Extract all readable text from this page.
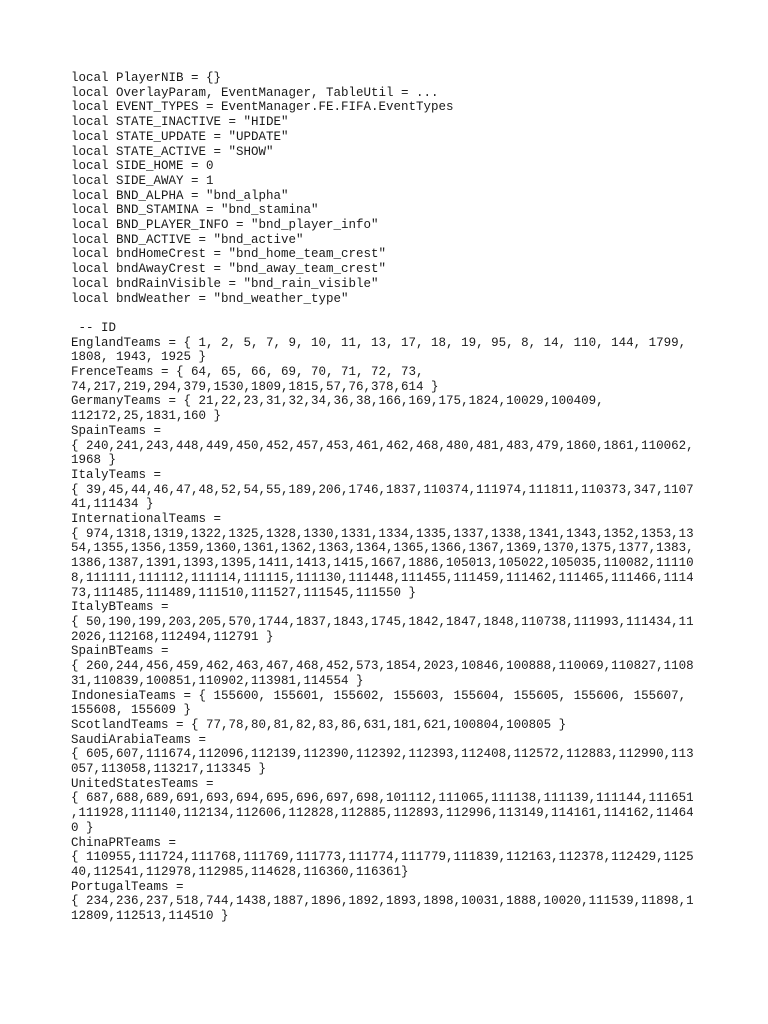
local PlayerNIB = {}
local OverlayParam, EventManager, TableUtil = ...
local EVENT_TYPES = EventManager.FE.FIFA.EventTypes
local STATE_INACTIVE = "HIDE"
local STATE_UPDATE = "UPDATE"
local STATE_ACTIVE = "SHOW"
local SIDE_HOME = 0
local SIDE_AWAY = 1
local BND_ALPHA = "bnd_alpha"
local BND_STAMINA = "bnd_stamina"
local BND_PLAYER_INFO = "bnd_player_info"
local BND_ACTIVE = "bnd_active"
local bndHomeCrest = "bnd_home_team_crest"
local bndAwayCrest = "bnd_away_team_crest"
local bndRainVisible = "bnd_rain_visible"
local bndWeather = "bnd_weather_type"
-- ID
EnglandTeams = { 1, 2, 5, 7, 9, 10, 11, 13, 17, 18, 19, 95, 8, 14, 110, 144, 1799,
1808, 1943, 1925 }
FrenceTeams = { 64, 65, 66, 69, 70, 71, 72, 73,
74,217,219,294,379,1530,1809,1815,57,76,378,614 }
GermanyTeams = { 21,22,23,31,32,34,36,38,166,169,175,1824,10029,100409,
112172,25,1831,160 }
SpainTeams =
{ 240,241,243,448,449,450,452,457,453,461,462,468,480,481,483,479,1860,1861,110062,
1968 }
ItalyTeams =
{ 39,45,44,46,47,48,52,54,55,189,206,1746,1837,110374,111974,111811,110373,347,1107
41,111434 }
InternationalTeams =
{ 974,1318,1319,1322,1325,1328,1330,1331,1334,1335,1337,1338,1341,1343,1352,1353,13
54,1355,1356,1359,1360,1361,1362,1363,1364,1365,1366,1367,1369,1370,1375,1377,1383,
1386,1387,1391,1393,1395,1411,1413,1415,1667,1886,105013,105022,105035,110082,11110
8,111111,111112,111114,111115,111130,111448,111455,111459,111462,111465,111466,1114
73,111485,111489,111510,111527,111545,111550 }
ItalyBTeams =
{ 50,190,199,203,205,570,1744,1837,1843,1745,1842,1847,1848,110738,111993,111434,11
2026,112168,112494,112791 }
SpainBTeams =
{ 260,244,456,459,462,463,467,468,452,573,1854,2023,10846,100888,110069,110827,1108
31,110839,100851,110902,113981,114554 }
IndonesiaTeams = { 155600, 155601, 155602, 155603, 155604, 155605, 155606, 155607,
155608, 155609 }
ScotlandTeams = { 77,78,80,81,82,83,86,631,181,621,100804,100805 }
SaudiArabiaTeams =
{ 605,607,111674,112096,112139,112390,112392,112393,112408,112572,112883,112990,113
057,113058,113217,113345 }
UnitedStatesTeams =
{ 687,688,689,691,693,694,695,696,697,698,101112,111065,111138,111139,111144,111651
,111928,111140,112134,112606,112828,112885,112893,112996,113149,114161,114162,11464
0 }
ChinaPRTeams =
{ 110955,111724,111768,111769,111773,111774,111779,111839,112163,112378,112429,1125
40,112541,112978,112985,114628,116360,116361}
PortugalTeams =
{ 234,236,237,518,744,1438,1887,1896,1892,1893,1898,10031,1888,10020,111539,11898,1
12809,112513,114510 }
